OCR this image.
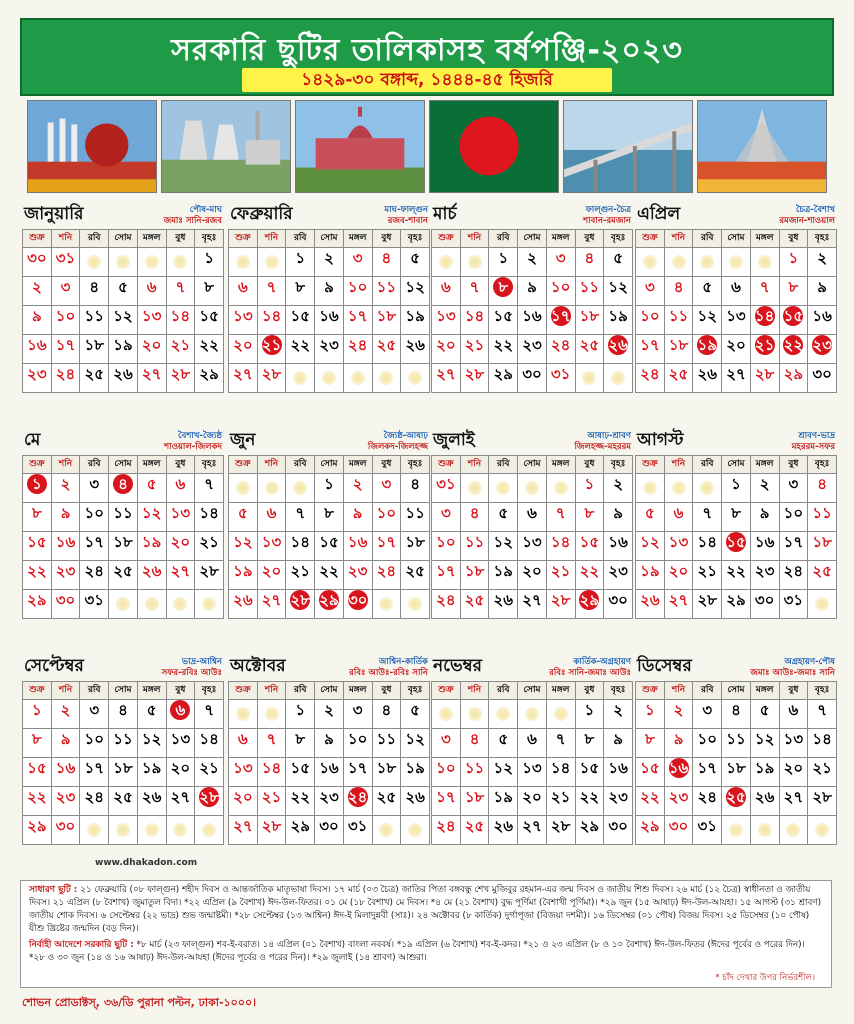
সরকারি ছুটির তালিকাসহ বর্ষপঞ্জি-২০২৩
১৪২৯-৩০ বঙ্গাব্দ, ১৪৪৪-৪৫ হিজরি
জানুয়ারি	পৌষ-মাঘ
জমাঃ সানি-রজব
শুক্র	শনি	রবি	সোম	মঙ্গল	বুধ	বৃহঃ

৩০	৩১					১

২	৩	৪	৫	৬	৭	৮

৯	১০	১১	১২	১৩	১৪	১৫

১৬	১৭	১৮	১৯	২০	২১	২২

২৩	২৪	২৫	২৬	২৭	২৮	২৯
ফেব্রুয়ারি	মাঘ-ফাল্গুন
রজব-শাবান
শুক্র	শনি	রবি	সোম	মঙ্গল	বুধ	বৃহঃ

		১	২	৩	৪	৫

৬	৭	৮	৯	১০	১১	১২

১৩	১৪	১৫	১৬	১৭	১৮	১৯

২০	২১	২২	২৩	২৪	২৫	২৬

২৭	২৮					

মার্চ	ফাল্গুন-চৈত্র
শাবান-রমজান
শুক্র	শনি	রবি	সোম	মঙ্গল	বুধ	বৃহঃ

		১	২	৩	৪	৫

৬	৭	৮	৯	১০	১১	১২

১৩	১৪	১৫	১৬	১৭	১৮	১৯

২০	২১	২২	২৩	২৪	২৫	২৬

২৭	২৮	২৯	৩০	৩১		

এপ্রিল	চৈত্র-বৈশাখ
রমজান-শাওয়াল
শুক্র	শনি	রবি	সোম	মঙ্গল	বুধ	বৃহঃ

					১	২

৩	৪	৫	৬	৭	৮	৯

১০	১১	১২	১৩	১৪	১৫	১৬

১৭	১৮	১৯	২০	২১	২২	২৩

২৪	২৫	২৬	২৭	২৮	২৯	৩০
মে	বৈশাখ-জ্যৈষ্ঠ
শাওয়াল-জিলকদ
শুক্র	শনি	রবি	সোম	মঙ্গল	বুধ	বৃহঃ

১	২	৩	৪	৫	৬	৭

৮	৯	১০	১১	১২	১৩	১৪

১৫	১৬	১৭	১৮	১৯	২০	২১

২২	২৩	২৪	২৫	২৬	২৭	২৮

২৯	৩০	৩১				

জুন	জ্যৈষ্ঠ-আষাঢ়
জিলকদ-জিলহজ্জ
শুক্র	শনি	রবি	সোম	মঙ্গল	বুধ	বৃহঃ

			১	২	৩	৪

৫	৬	৭	৮	৯	১০	১১

১২	১৩	১৪	১৫	১৬	১৭	১৮

১৯	২০	২১	২২	২৩	২৪	২৫

২৬	২৭	২৮	২৯	৩০		

জুলাই	আষাঢ়-শ্রাবণ
জিলহজ্জ-মহররম
শুক্র	শনি	রবি	সোম	মঙ্গল	বুধ	বৃহঃ

৩১					১	২

৩	৪	৫	৬	৭	৮	৯

১০	১১	১২	১৩	১৪	১৫	১৬

১৭	১৮	১৯	২০	২১	২২	২৩

২৪	২৫	২৬	২৭	২৮	২৯	৩০
আগস্ট	শ্রাবণ-ভাদ্র
মহররম-সফর
শুক্র	শনি	রবি	সোম	মঙ্গল	বুধ	বৃহঃ

			১	২	৩	৪

৫	৬	৭	৮	৯	১০	১১

১২	১৩	১৪	১৫	১৬	১৭	১৮

১৯	২০	২১	২২	২৩	২৪	২৫

২৬	২৭	২৮	২৯	৩০	৩১	

সেপ্টেম্বর	ভাদ্র-আশ্বিন
সফর-রবিঃ আউঃ
শুক্র	শনি	রবি	সোম	মঙ্গল	বুধ	বৃহঃ

১	২	৩	৪	৫	৬	৭

৮	৯	১০	১১	১২	১৩	১৪

১৫	১৬	১৭	১৮	১৯	২০	২১

২২	২৩	২৪	২৫	২৬	২৭	২৮

২৯	৩০					

অক্টোবর	আশ্বিন-কার্তিক
রবিঃ আউঃ-রবিঃ সানি
শুক্র	শনি	রবি	সোম	মঙ্গল	বুধ	বৃহঃ

		১	২	৩	৪	৫

৬	৭	৮	৯	১০	১১	১২

১৩	১৪	১৫	১৬	১৭	১৮	১৯

২০	২১	২২	২৩	২৪	২৫	২৬

২৭	২৮	২৯	৩০	৩১		

নভেম্বর	কার্তিক-অগ্রহায়ণ
রবিঃ সানি-জমাঃ আউঃ
শুক্র	শনি	রবি	সোম	মঙ্গল	বুধ	বৃহঃ

					১	২

৩	৪	৫	৬	৭	৮	৯

১০	১১	১২	১৩	১৪	১৫	১৬

১৭	১৮	১৯	২০	২১	২২	২৩

২৪	২৫	২৬	২৭	২৮	২৯	৩০
ডিসেম্বর	অগ্রহায়ণ-পৌষ
জমাঃ আউঃ-জমাঃ সানি
শুক্র	শনি	রবি	সোম	মঙ্গল	বুধ	বৃহঃ

১	২	৩	৪	৫	৬	৭

৮	৯	১০	১১	১২	১৩	১৪

১৫	১৬	১৭	১৮	১৯	২০	২১

২২	২৩	২৪	২৫	২৬	২৭	২৮

২৯	৩০	৩১				

www.dhakadon.com
সাধারণ ছুটি : ২১ ফেব্রুয়ারি (০৮ ফাল্গুন) শহীদ দিবস ও আন্তর্জাতিক মাতৃভাষা দিবস। ১৭ মার্চ (০৩ চৈত্র) জাতির পিতা বঙ্গবন্ধু শেখ মুজিবুর রহমান-এর জন্ম দিবস ও জাতীয় শিশু দিবস। ২৬ মার্চ (১২ চৈত্র) স্বাধীনতা ও জাতীয় দিবস। ২১ এপ্রিল (৮ বৈশাখ) জুমাতুল বিদা। *২২ এপ্রিল (৯ বৈশাখ) ঈদ-উল-ফিতর। ০১ মে (১৮ বৈশাখ) মে দিবস। *৪ মে (২১ বৈশাখ) বুদ্ধ পূর্ণিমা (বৈশাখী পূর্ণিমা)। *২৯ জুন (১৫ আষাঢ়) ঈদ-উল-আযহা। ১৫ আগস্ট (৩১ শ্রাবণ) জাতীয় শোক দিবস। ৬ সেপ্টেম্বর (২২ ভাদ্র) শুভ জন্মাষ্টমী। *২৮ সেপ্টেম্বর (১৩ আশ্বিন) ঈদ-ই মিলাদুন্নবী (সাঃ)। ২৪ অক্টোবর (৮ কার্তিক) দুর্গাপূজা (বিজয়া দশমী)। ১৬ ডিসেম্বর (০১ পৌষ) বিজয় দিবস। ২৫ ডিসেম্বর (১০ পৌষ) যীশু খ্রিষ্টের জন্মদিন (বড় দিন)।
নির্বাহী আদেশে সরকারি ছুটি : *৮ মার্চ (২৩ ফাল্গুন) শব-ই-বরাত। ১৪ এপ্রিল (০১ বৈশাখ) বাংলা নববর্ষ। *১৯ এপ্রিল (৬ বৈশাখ) শব-ই-কদর। *২১ ও ২৩ এপ্রিল (৮ ও ১০ বৈশাখ) ঈদ-উল-ফিতর (ঈদের পূর্বের ও পরের দিন)। *২৮ ও ৩০ জুন (১৪ ও ১৬ আষাঢ়) ঈদ-উল-আযহা (ঈদের পূর্বের ও পরের দিন)। *২৯ জুলাই (১৪ শ্রাবণ) আশুরা।
* চাঁদ দেখার উপর নির্ভরশীল।
শোভন প্রোডাক্টস্, ৩৬/ডি পুরানা পল্টন, ঢাকা-১০০০।
